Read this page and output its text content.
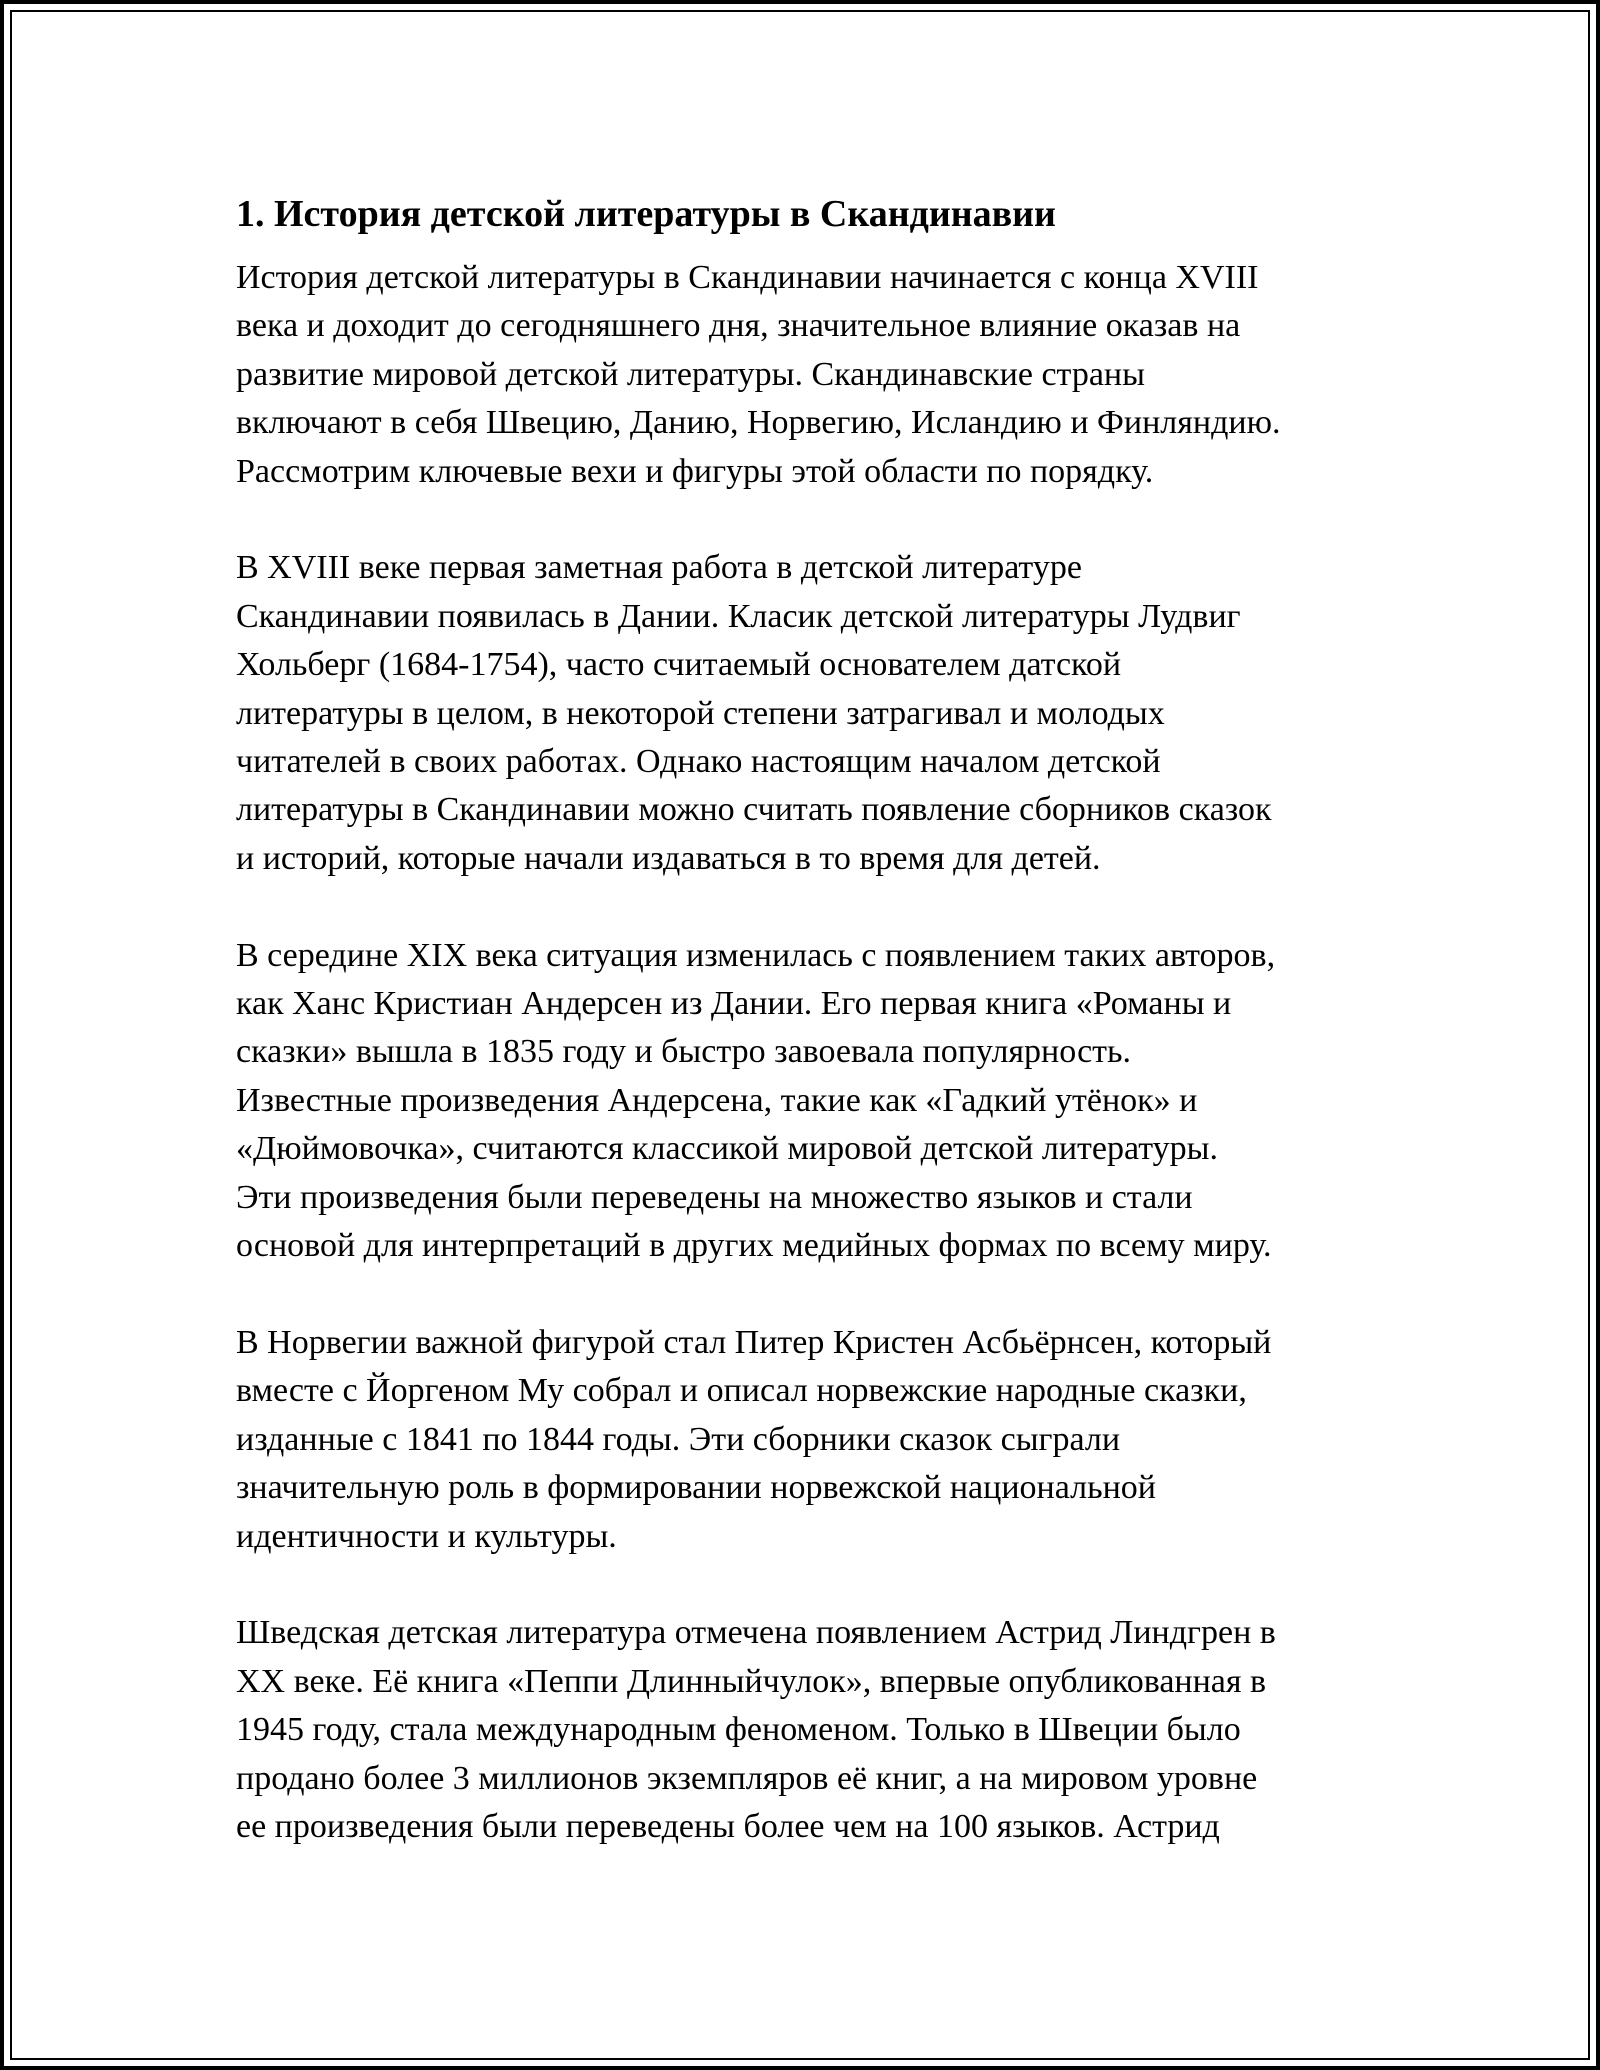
1. История детской литературы в Скандинавии

История детской литературы в Скандинавии начинается с конца XVIII
века и доходит до сегодняшнего дня, значительное влияние оказав на
развитие мировой детской литературы. Скандинавские страны
включают в себя Швецию, Данию, Норвегию, Исландию и Финляндию.
Рассмотрим ключевые вехи и фигуры этой области по порядку.

В XVIII веке первая заметная работа в детской литературе
Скандинавии появилась в Дании. Класик детской литературы Лудвиг
Хольберг (1684-1754), часто считаемый основателем датской
литературы в целом, в некоторой степени затрагивал и молодых
читателей в своих работах. Однако настоящим началом детской
литературы в Скандинавии можно считать появление сборников сказок
и историй, которые начали издаваться в то время для детей.

В середине XIX века ситуация изменилась с появлением таких авторов,
как Ханс Кристиан Андерсен из Дании. Его первая книга «Романы и
сказки» вышла в 1835 году и быстро завоевала популярность.
Известные произведения Андерсена, такие как «Гадкий утёнок» и
«Дюймовочка», считаются классикой мировой детской литературы.
Эти произведения были переведены на множество языков и стали
основой для интерпретаций в других медийных формах по всему миру.

В Норвегии важной фигурой стал Питер Кристен Асбьёрнсен, который
вместе с Йоргеном Му собрал и описал норвежские народные сказки,
изданные с 1841 по 1844 годы. Эти сборники сказок сыграли
значительную роль в формировании норвежской национальной
идентичности и культуры.

Шведская детская литература отмечена появлением Астрид Линдгрен в
XX веке. Её книга «Пеппи Длинныйчулок», впервые опубликованная в
1945 году, стала международным феноменом. Только в Швеции было
продано более 3 миллионов экземпляров её книг, а на мировом уровне
ее произведения были переведены более чем на 100 языков. Астрид
